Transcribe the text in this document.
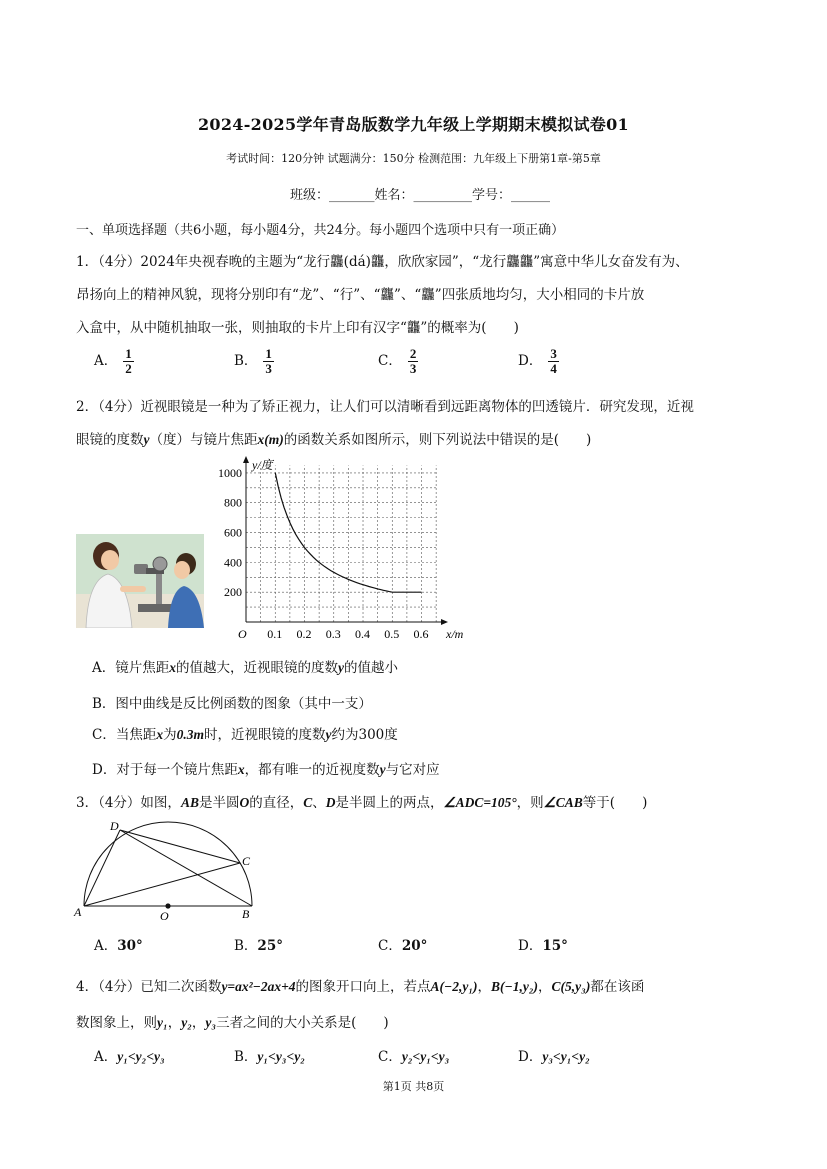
2024-2025学年青岛版数学九年级上学期期末模拟试卷01
考试时间：120分钟 试题满分：150分 检测范围：九年级上下册第1章-第5章
班级：_______姓名：_________学号：______
一、单项选择题（共6小题，每小题4分，共24分。每小题四个选项中只有一项正确）
1．（4分）2024年央视春晚的主题为“龙行龘(dá)龘，欣欣家园”，“龙行龘龘”寓意中华儿女奋发有为、
昂扬向上的精神风貌，现将分别印有“龙”、“行”、“龘”、“龘”四张质地均匀，大小相同的卡片放
入盒中，从中随机抽取一张，则抽取的卡片上印有汉字“龘”的概率为(　　)
A． $\frac{1}{2}$	B． $\frac{1}{3}$	C． $\frac{2}{3}$	D． $\frac{3}{4}$
2．（4分）近视眼镜是一种为了矫正视力，让人们可以清晰看到远距离物体的凹透镜片．研究发现，近视
眼镜的度数y（度）与镜片焦距x(m)的函数关系如图所示，则下列说法中错误的是(　　)
y/度
x/m
O 0.1 0.2 0.3 0.4 0.5 0.6
200
400
600
800
1000
A．镜片焦距x的值越大，近视眼镜的度数y的值越小
B．图中曲线是反比例函数的图象（其中一支）
C．当焦距x为0.3m时，近视眼镜的度数y约为300度
D．对于每一个镜片焦距x，都有唯一的近视度数y与它对应
3．（4分）如图，AB是半圆O的直径，C、D是半圆上的两点，∠ADC=105°，则∠CAB等于(　　)
A	B
C
D
O
A．30°	B．25°	C．20°	D．15°
4．（4分）已知二次函数y=ax²−2ax+4的图象开口向上，若点A(−2,y₁)，B(−1,y₂)，C(5,y₃)都在该函
数图象上，则y₁，y₂，y₃三者之间的大小关系是(　　)
A．y₁<y₂<y₃	B．y₁<y₃<y₂	C．y₂<y₁<y₃	D．y₃<y₁<y₂
第1页 共8页
